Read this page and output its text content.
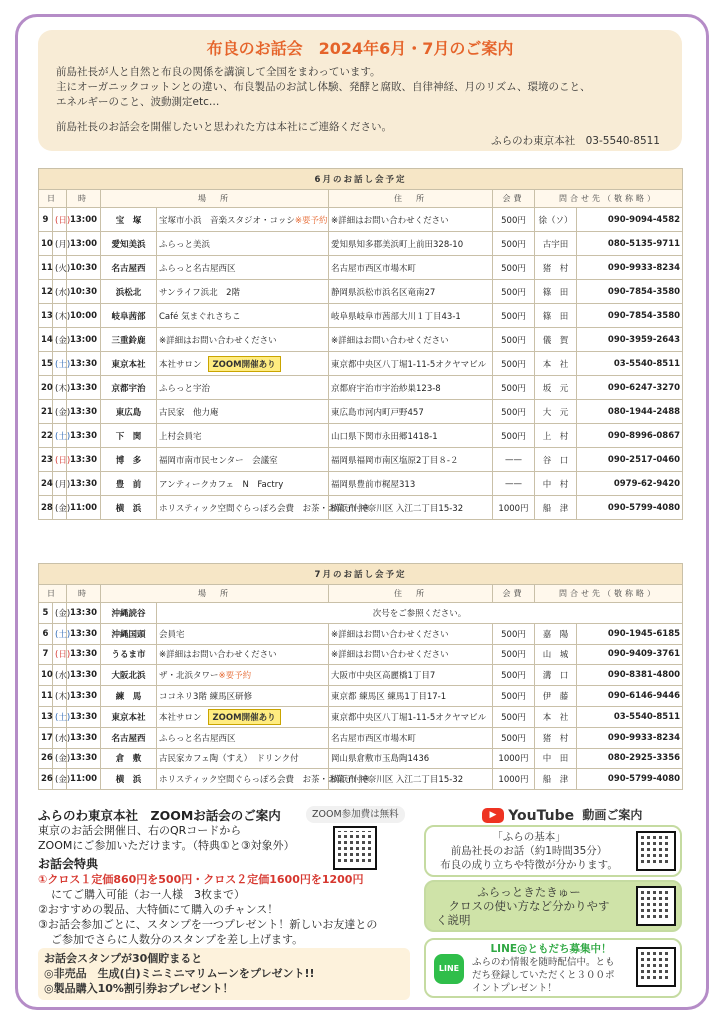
布良のお話会　2024年6月・7月のご案内
前島社長が人と自然と布良の関係を講演して全国をまわっています。
主にオーガニックコットンとの違い、布良製品のお試し体験、発酵と腐敗、自律神経、月のリズム、環境のこと、
エネルギーのこと、波動測定etc…
前島社長のお話会を開催したいと思われた方は本社にご連絡ください。
ふらのわ東京本社　03-5540-8511
6月のお話し会予定								
日		時	場　所		住　所	会費	問合せ先（敬称略）	
9	(日)	13:00	宝　塚	宝塚市小浜　音楽スタジオ・コッシ※要予約	※詳細はお問い合わせください	500円	徐（ソ）	090-9094-4582
10	(月)	13:00	愛知美浜	ふらっと美浜	愛知県知多郡美浜町上前田328-10	500円	古宇田	080-5135-9711
11	(火)	10:30	名古屋西	ふらっと名古屋西区	名古屋市西区市場木町	500円	猪　村	090-9933-8234
12	(水)	10:30	浜松北	サンライフ浜北　2階	静岡県浜松市浜名区竜南27	500円	篠　田	090-7854-3580
13	(木)	10:00	岐阜茜部	Café 気まぐれさちこ	岐阜県岐阜市茜部大川１丁目43-1	500円	篠　田	090-7854-3580
14	(金)	13:00	三重鈴鹿	※詳細はお問い合わせください	※詳細はお問い合わせください	500円	儀　賀	090-3959-2643
15	(土)	13:30	東京本社	本社サロン ZOOM開催あり	東京都中央区八丁堀1-11-5オクヤマビル	500円	本　社	03-5540-8511
20	(木)	13:30	京都宇治	ふらっと宇治	京都府宇治市宇治紗巣123-8	500円	坂　元	090-6247-3270
21	(金)	13:30	東広島	古民家　他力庵	東広島市河内町戸野457	500円	大　元	080-1944-2488
22	(土)	13:30	下　関	上村会員宅	山口県下関市永田郷1418-1	500円	上　村	090-8996-0867
23	(日)	13:30	博　多	福岡市南市民センター　会議室	福岡県福岡市南区塩原2丁目８-２	——	谷　口	090-2517-0460
24	(月)	13:30	豊　前	アンティークカフェ　N　Factry	福岡県豊前市梶屋313	——	中　村	0979-62-9420
28	(金)	11:00	横　浜	ホリスティック空間ぐらっぽろ会費　お茶・お菓子付き	横浜市 神奈川区 入江二丁目15-32	1000円	船　津	090-5799-4080
7月のお話し会予定								
日		時	場　所		住　所	会費	問合せ先（敬称略）	
5	(金)	13:30	沖縄読谷	次号をご参照ください。				
6	(土)	13:30	沖縄国頭	会員宅	※詳細はお問い合わせください	500円	嘉　陽	090-1945-6185
7	(日)	13:30	うるま市	※詳細はお問い合わせください	※詳細はお問い合わせください	500円	山　城	090-9409-3761
10	(水)	13:30	大阪北浜	ザ・北浜タワー※要予約	大阪市中央区高麗橋1丁目7	500円	溝　口	090-8381-4800
11	(木)	13:30	練　馬	ココネリ3階 練馬区研修	東京都 練馬区 練馬1丁目17-1	500円	伊　藤	090-6146-9446
13	(土)	13:30	東京本社	本社サロン ZOOM開催あり	東京都中央区八丁堀1-11-5オクヤマビル	500円	本　社	03-5540-8511
17	(水)	13:30	名古屋西	ふらっと名古屋西区	名古屋市西区市場木町	500円	猪　村	090-9933-8234
26	(金)	13:30	倉　敷	古民家カフェ陶（すえ）　ドリンク付	岡山県倉敷市玉島陶1436	1000円	中　田	080-2925-3356
26	(金)	11:00	横　浜	ホリスティック空間ぐらっぽろ会費　お茶・お菓子付き	横浜市 神奈川区 入江二丁目15-32	1000円	船　津	090-5799-4080
ふらのわ東京本社　ZOOMお話会のご案内	ZOOM参加費は無料
東京のお話会開催日、右のQRコードから
ZOOMにご参加いただけます。（特典①と③対象外）
お話会特典
①クロス１定価860円を500円・クロス２定価1600円を1200円
にてご購入可能（お一人様　3枚まで）
②おすすめの製品、大特価にて購入のチャンス！
③お話会参加ごとに、スタンプを一つプレゼント！新しいお友達との
ご参加でさらに人数分のスタンプを差し上げます。
お話会スタンプが30個貯まると
◎非売品　生成(白)ミニミニマリムーンをプレゼント!!
◎製品購入10%割引券おプレゼント！
▶ YouTube 動画ご案内
「ふらの基本」
前島社長のお話（約1時間35分）
布良の成り立ちや特徴が分かります。
ふらっときたきゅー
クロスの使い方など分かりやす
く説明
LINE
LINE@ともだち募集中！
ふらのわ情報を随時配信中。とも
だち登録していただくと３００ポ
イントプレゼント！
